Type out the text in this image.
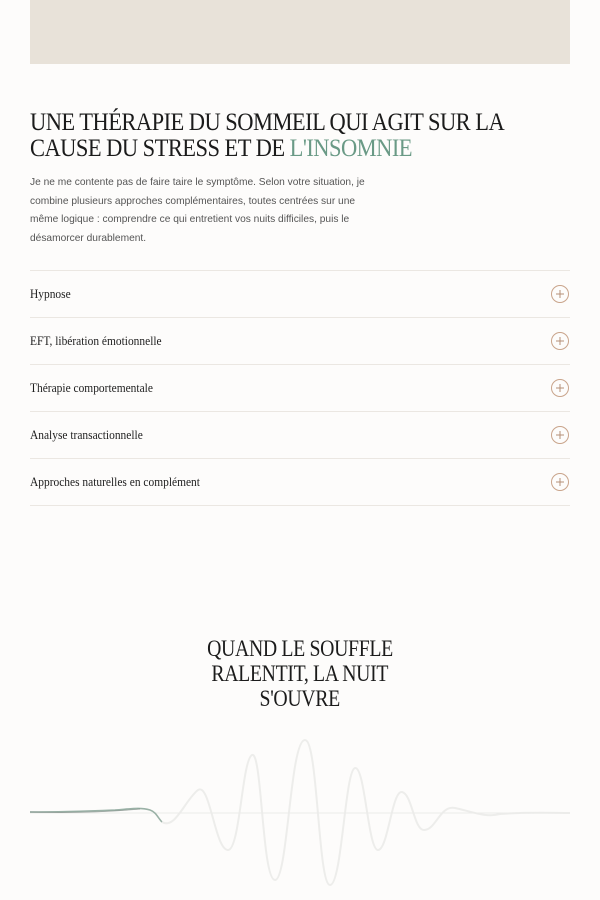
UNE THÉRAPIE DU SOMMEIL QUI AGIT SUR LA CAUSE DU STRESS ET DE L'INSOMNIE

Je ne me contente pas de faire taire le symptôme. Selon votre situation, je combine plusieurs approches complémentaires, toutes centrées sur une même logique : comprendre ce qui entretient vos nuits difficiles, puis le désamorcer durablement.

Hypnose
EFT, libération émotionnelle
Thérapie comportementale
Analyse transactionnelle
Approches naturelles en complément
QUAND LE SOUFFLE
RALENTIT, LA NUIT
S'OUVRE
